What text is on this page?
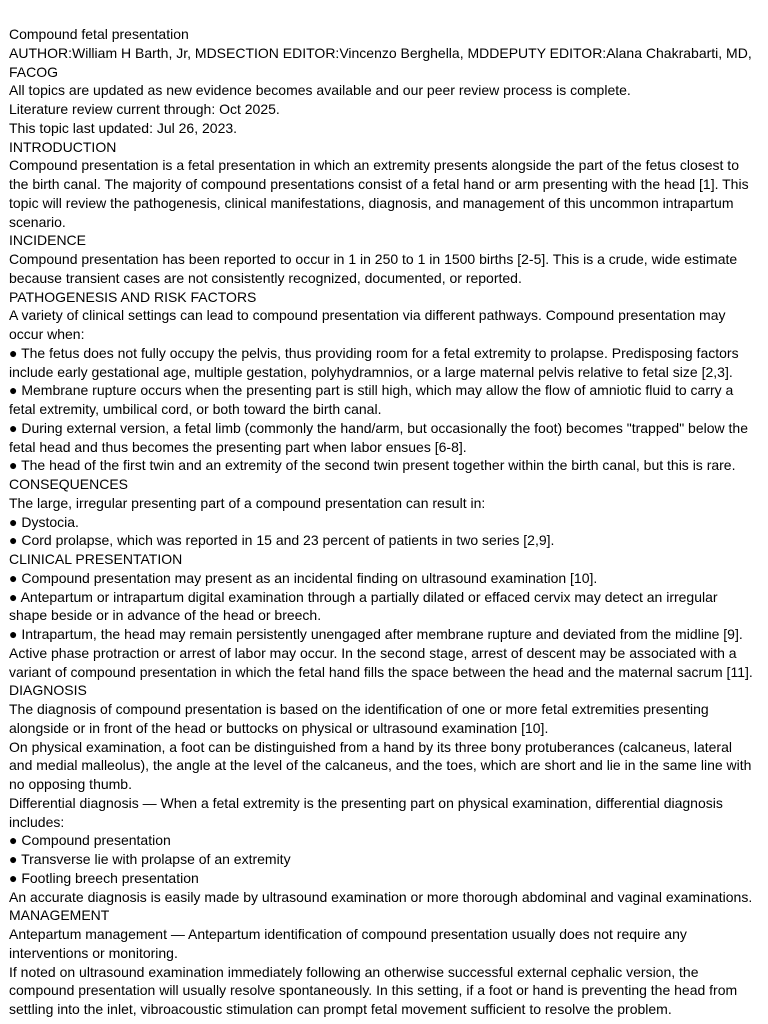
Compound fetal presentation

AUTHOR:William H Barth, Jr, MDSECTION EDITOR:Vincenzo Berghella, MDDEPUTY EDITOR:Alana Chakrabarti, MD, FACOG

All topics are updated as new evidence becomes available and our peer review process is complete.

Literature review current through: Oct 2025.

This topic last updated: Jul 26, 2023.

INTRODUCTION

Compound presentation is a fetal presentation in which an extremity presents alongside the part of the fetus closest to the birth canal. The majority of compound presentations consist of a fetal hand or arm presenting with the head [1]. This topic will review the pathogenesis, clinical manifestations, diagnosis, and management of this uncommon intrapartum scenario.

INCIDENCE

Compound presentation has been reported to occur in 1 in 250 to 1 in 1500 births [2-5]. This is a crude, wide estimate because transient cases are not consistently recognized, documented, or reported.

PATHOGENESIS AND RISK FACTORS

A variety of clinical settings can lead to compound presentation via different pathways. Compound presentation may occur when:

● The fetus does not fully occupy the pelvis, thus providing room for a fetal extremity to prolapse. Predisposing factors include early gestational age, multiple gestation, polyhydramnios, or a large maternal pelvis relative to fetal size [2,3].

● Membrane rupture occurs when the presenting part is still high, which may allow the flow of amniotic fluid to carry a fetal extremity, umbilical cord, or both toward the birth canal.

● During external version, a fetal limb (commonly the hand/arm, but occasionally the foot) becomes "trapped" below the fetal head and thus becomes the presenting part when labor ensues [6-8].

● The head of the first twin and an extremity of the second twin present together within the birth canal, but this is rare.

CONSEQUENCES

The large, irregular presenting part of a compound presentation can result in:

● Dystocia.

● Cord prolapse, which was reported in 15 and 23 percent of patients in two series [2,9].

CLINICAL PRESENTATION

● Compound presentation may present as an incidental finding on ultrasound examination [10].

● Antepartum or intrapartum digital examination through a partially dilated or effaced cervix may detect an irregular shape beside or in advance of the head or breech.

● Intrapartum, the head may remain persistently unengaged after membrane rupture and deviated from the midline [9].

Active phase protraction or arrest of labor may occur. In the second stage, arrest of descent may be associated with a variant of compound presentation in which the fetal hand fills the space between the head and the maternal sacrum [11].

DIAGNOSIS

The diagnosis of compound presentation is based on the identification of one or more fetal extremities presenting alongside or in front of the head or buttocks on physical or ultrasound examination [10].

On physical examination, a foot can be distinguished from a hand by its three bony protuberances (calcaneus, lateral and medial malleolus), the angle at the level of the calcaneus, and the toes, which are short and lie in the same line with no opposing thumb.

Differential diagnosis — When a fetal extremity is the presenting part on physical examination, differential diagnosis includes:

● Compound presentation

● Transverse lie with prolapse of an extremity

● Footling breech presentation

An accurate diagnosis is easily made by ultrasound examination or more thorough abdominal and vaginal examinations.

MANAGEMENT

Antepartum management — Antepartum identification of compound presentation usually does not require any interventions or monitoring.

If noted on ultrasound examination immediately following an otherwise successful external cephalic version, the compound presentation will usually resolve spontaneously. In this setting, if a foot or hand is preventing the head from settling into the inlet, vibroacoustic stimulation can prompt fetal movement sufficient to resolve the problem.
